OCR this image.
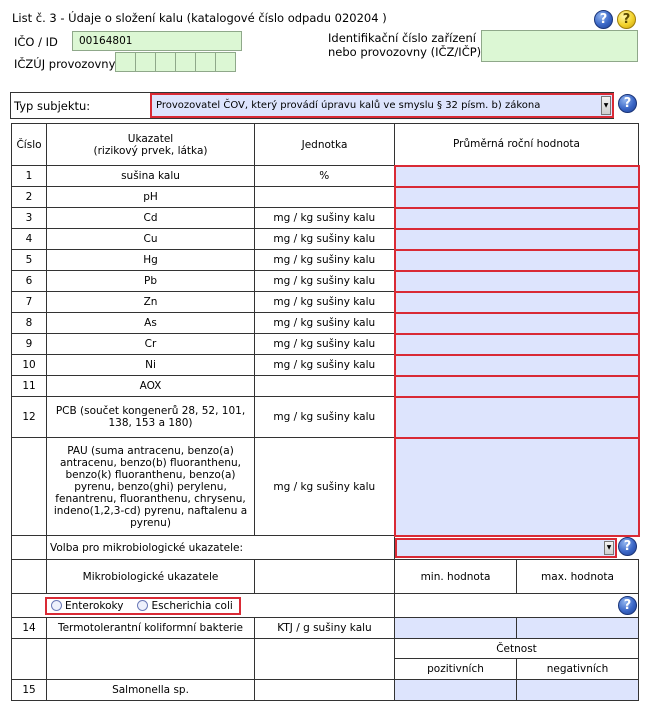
List č. 3 - Údaje o složení kalu (katalogové číslo odpadu 020204 )	?	?
IČO / ID	00164801
IČZÚJ provozovny
Identifikační číslo zařízení
nebo provozovny (IČZ/IČP)
Typ subjektu:	Provozovatel ČOV, který provádí úpravu kalů ve smyslu § 32 písm. b) zákona	▼	?
Číslo	Ukazatel
(rizikový prvek, látka)	Jednotka	Průměrná roční hodnota	
1	sušina kalu	%		
2	pH			
3	Cd	mg / kg sušiny kalu		
4	Cu	mg / kg sušiny kalu		
5	Hg	mg / kg sušiny kalu		
6	Pb	mg / kg sušiny kalu		
7	Zn	mg / kg sušiny kalu		
8	As	mg / kg sušiny kalu		
9	Cr	mg / kg sušiny kalu		
10	Ni	mg / kg sušiny kalu		
11	AOX			
12	PCB (součet kongenerů 28, 52, 101, 138, 153 a 180)	mg / kg sušiny kalu		
	PAU (suma antracenu, benzo(a) antracenu, benzo(b) fluoranthenu, benzo(k) fluoranthenu, benzo(a) pyrenu, benzo(ghi) perylenu, fenantrenu, fluoranthenu, chrysenu, indeno(1,2,3-cd) pyrenu, naftalenu a pyrenu)	mg / kg sušiny kalu		
	Volba pro mikrobiologické ukazatele:		▼	

	Mikrobiologické ukazatele		min. hodnota	max. hodnota

Enterokoky Escherichia coli				

14	Termotolerantní koliformní bakterie	KTJ / g sušiny kalu		
			Četnost	
			pozitivních	negativních
15	Salmonella sp.			
?
?
